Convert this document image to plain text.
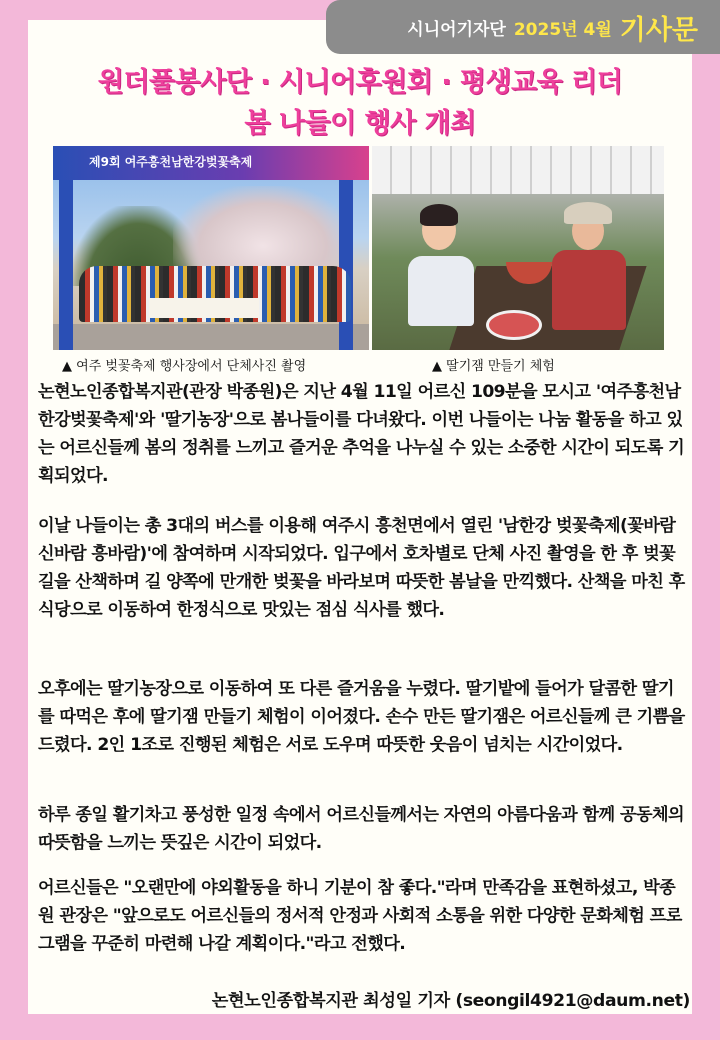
시니어기자단 2025년 4월 기사문
원더풀봉사단 · 시니어후원회 · 평생교육 리더
봄 나들이 행사 개최
제9회 여주흥천남한강벚꽃축제
▲ 여주 벚꽃축제 행사장에서 단체사진 촬영	▲ 딸기잼 만들기 체험
논현노인종합복지관(관장 박종원)은 지난 4월 11일 어르신 109분을 모시고 '여주흥천남한강벚꽃축제'와 '딸기농장'으로 봄나들이를 다녀왔다. 이번 나들이는 나눔 활동을 하고 있는 어르신들께 봄의 정취를 느끼고 즐거운 추억을 나누실 수 있는 소중한 시간이 되도록 기획되었다.
이날 나들이는 총 3대의 버스를 이용해 여주시 흥천면에서 열린 '남한강 벚꽃축제(꽃바람 신바람 흥바람)'에 참여하며 시작되었다. 입구에서 호차별로 단체 사진 촬영을 한 후 벚꽃길을 산책하며 길 양쪽에 만개한 벚꽃을 바라보며 따뜻한 봄날을 만끽했다. 산책을 마친 후 식당으로 이동하여 한정식으로 맛있는 점심 식사를 했다.
오후에는 딸기농장으로 이동하여 또 다른 즐거움을 누렸다. 딸기밭에 들어가 달콤한 딸기를 따먹은 후에 딸기잼 만들기 체험이 이어졌다. 손수 만든 딸기잼은 어르신들께 큰 기쁨을 드렸다. 2인 1조로 진행된 체험은 서로 도우며 따뜻한 웃음이 넘치는 시간이었다.
하루 종일 활기차고 풍성한 일정 속에서 어르신들께서는 자연의 아름다움과 함께 공동체의 따뜻함을 느끼는 뜻깊은 시간이 되었다.
어르신들은 "오랜만에 야외활동을 하니 기분이 참 좋다."라며 만족감을 표현하셨고, 박종원 관장은 "앞으로도 어르신들의 정서적 안정과 사회적 소통을 위한 다양한 문화체험 프로그램을 꾸준히 마련해 나갈 계획이다."라고 전했다.
논현노인종합복지관 최성일 기자 (seongil4921@daum.net)
